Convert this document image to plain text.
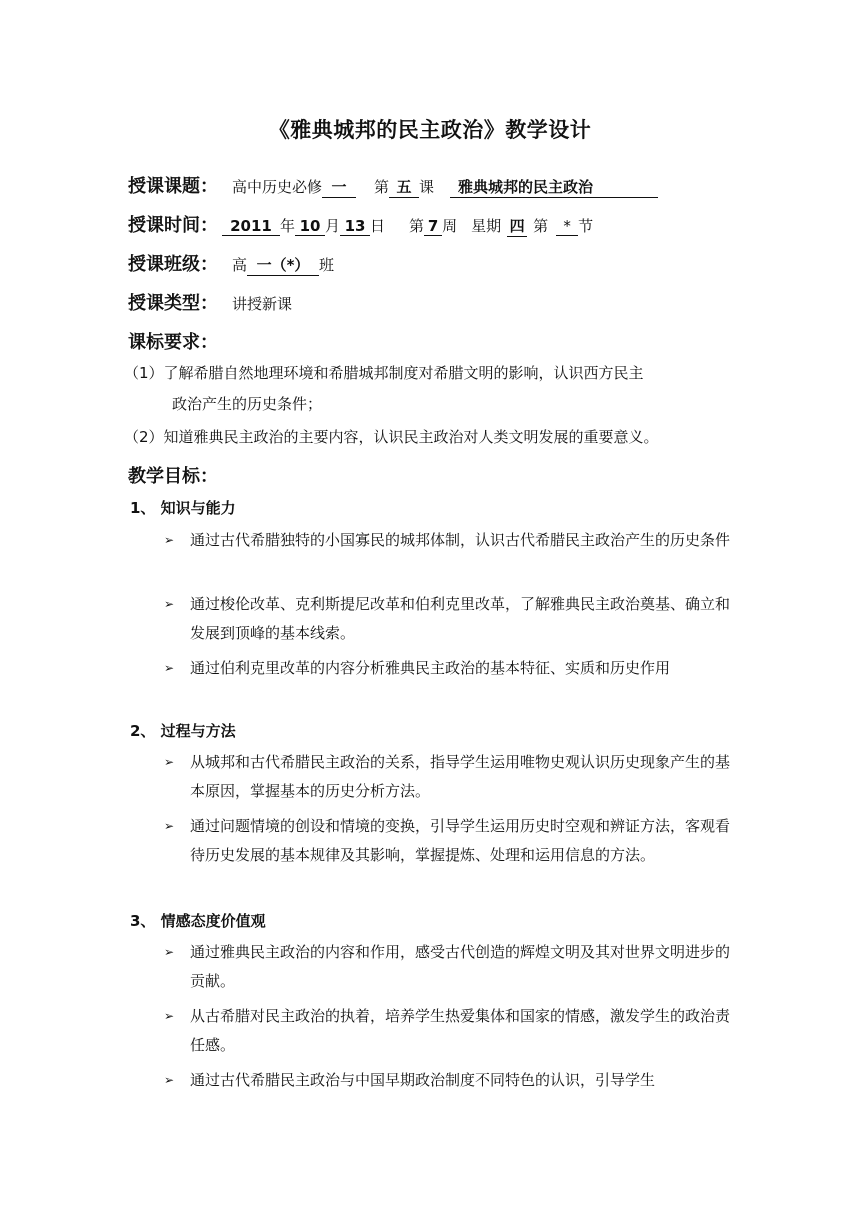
《雅典城邦的民主政治》教学设计
授课课题： 高中历史必修 一	第 五 课	雅典城邦的民主政治
授课时间： 2011 年 10 月 13 日 第 7 周 星期 四 第	* 节
授课班级： 高 一（*） 班
授课类型： 讲授新课
课标要求：
（1）了解希腊自然地理环境和希腊城邦制度对希腊文明的影响，认识西方民主
政治产生的历史条件；
（2）知道雅典民主政治的主要内容，认识民主政治对人类文明发展的重要意义。
教学目标：
1、 知识与能力
➢ 通过古代希腊独特的小国寡民的城邦体制，认识古代希腊民主政治产生的历史条件
➢ 通过梭伦改革、克利斯提尼改革和伯利克里改革，了解雅典民主政治奠基、确立和发展到顶峰的基本线索。
➢ 通过伯利克里改革的内容分析雅典民主政治的基本特征、实质和历史作用
2、 过程与方法
➢ 从城邦和古代希腊民主政治的关系，指导学生运用唯物史观认识历史现象产生的基本原因，掌握基本的历史分析方法。
➢ 通过问题情境的创设和情境的变换，引导学生运用历史时空观和辨证方法，客观看待历史发展的基本规律及其影响，掌握提炼、处理和运用信息的方法。
3、 情感态度价值观
➢ 通过雅典民主政治的内容和作用，感受古代创造的辉煌文明及其对世界文明进步的贡献。
➢ 从古希腊对民主政治的执着，培养学生热爱集体和国家的情感，激发学生的政治责任感。
➢ 通过古代希腊民主政治与中国早期政治制度不同特色的认识，引导学生
